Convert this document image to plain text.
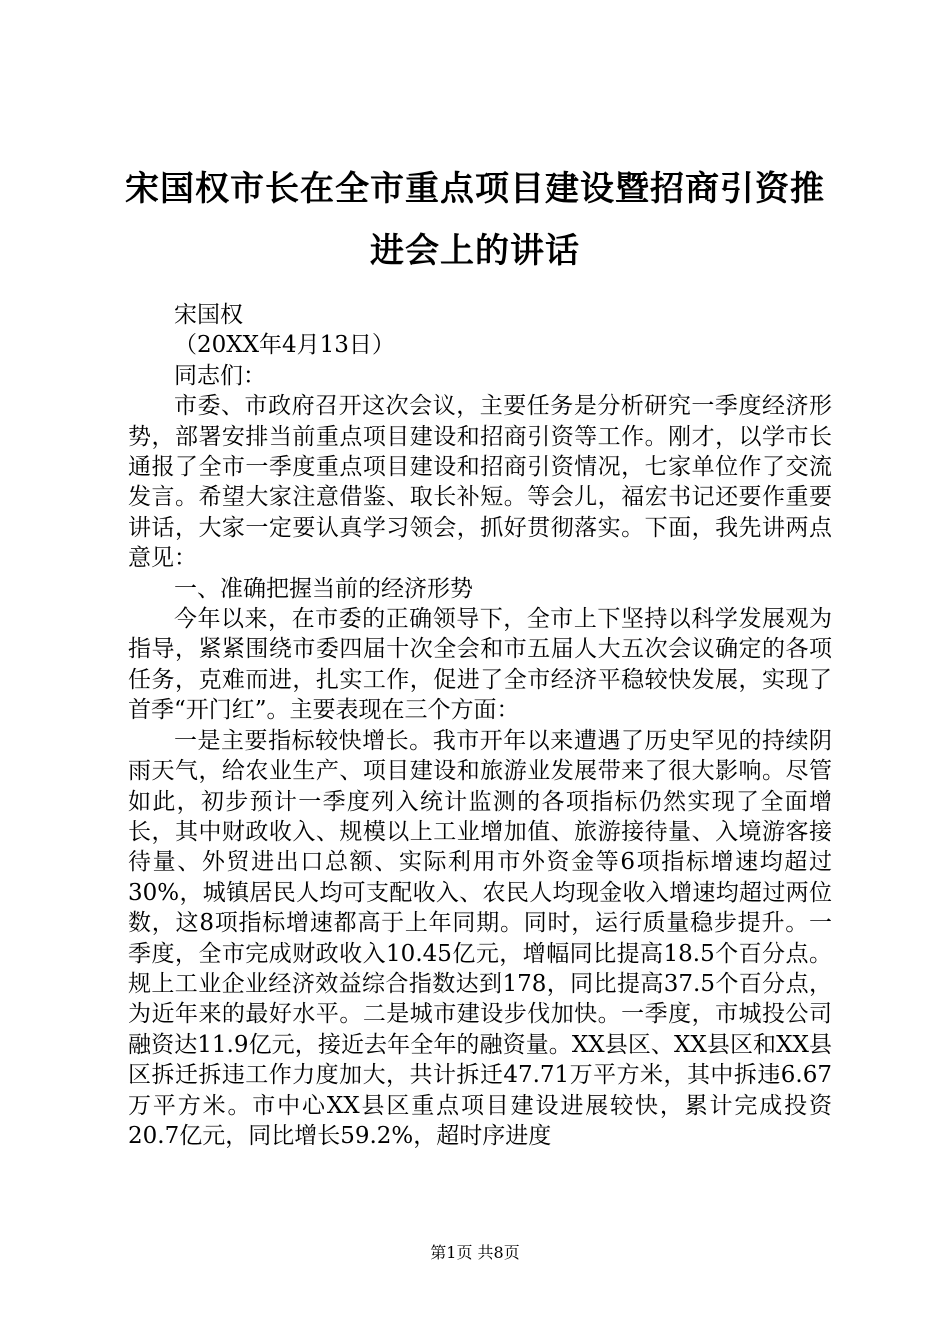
宋国权市长在全市重点项目建设暨招商引资推进会上的讲话

宋国权

（20XX年4月13日）

同志们：

市委、市政府召开这次会议，主要任务是分析研究一季度经济形势，部署安排当前重点项目建设和招商引资等工作。刚才，以学市长通报了全市一季度重点项目建设和招商引资情况，七家单位作了交流发言。希望大家注意借鉴、取长补短。等会儿，福宏书记还要作重要讲话，大家一定要认真学习领会，抓好贯彻落实。下面，我先讲两点意见：

一、准确把握当前的经济形势

今年以来，在市委的正确领导下，全市上下坚持以科学发展观为指导，紧紧围绕市委四届十次全会和市五届人大五次会议确定的各项任务，克难而进，扎实工作，促进了全市经济平稳较快发展，实现了首季“开门红”。主要表现在三个方面：

一是主要指标较快增长。我市开年以来遭遇了历史罕见的持续阴雨天气，给农业生产、项目建设和旅游业发展带来了很大影响。尽管如此，初步预计一季度列入统计监测的各项指标仍然实现了全面增长，其中财政收入、规模以上工业增加值、旅游接待量、入境游客接待量、外贸进出口总额、实际利用市外资金等6项指标增速均超过30%，城镇居民人均可支配收入、农民人均现金收入增速均超过两位数，这8项指标增速都高于上年同期。同时，运行质量稳步提升。一季度，全市完成财政收入10.45亿元，增幅同比提高18.5个百分点。规上工业企业经济效益综合指数达到178，同比提高37.5个百分点，为近年来的最好水平。二是城市建设步伐加快。一季度，市城投公司融资达11.9亿元，接近去年全年的融资量。XX县区、XX县区和XX县区拆迁拆违工作力度加大，共计拆迁47.71万平方米，其中拆违6.67万平方米。市中心XX县区重点项目建设进展较快，累计完成投资20.7亿元，同比增长59.2%，超时序进度

第1页 共8页
